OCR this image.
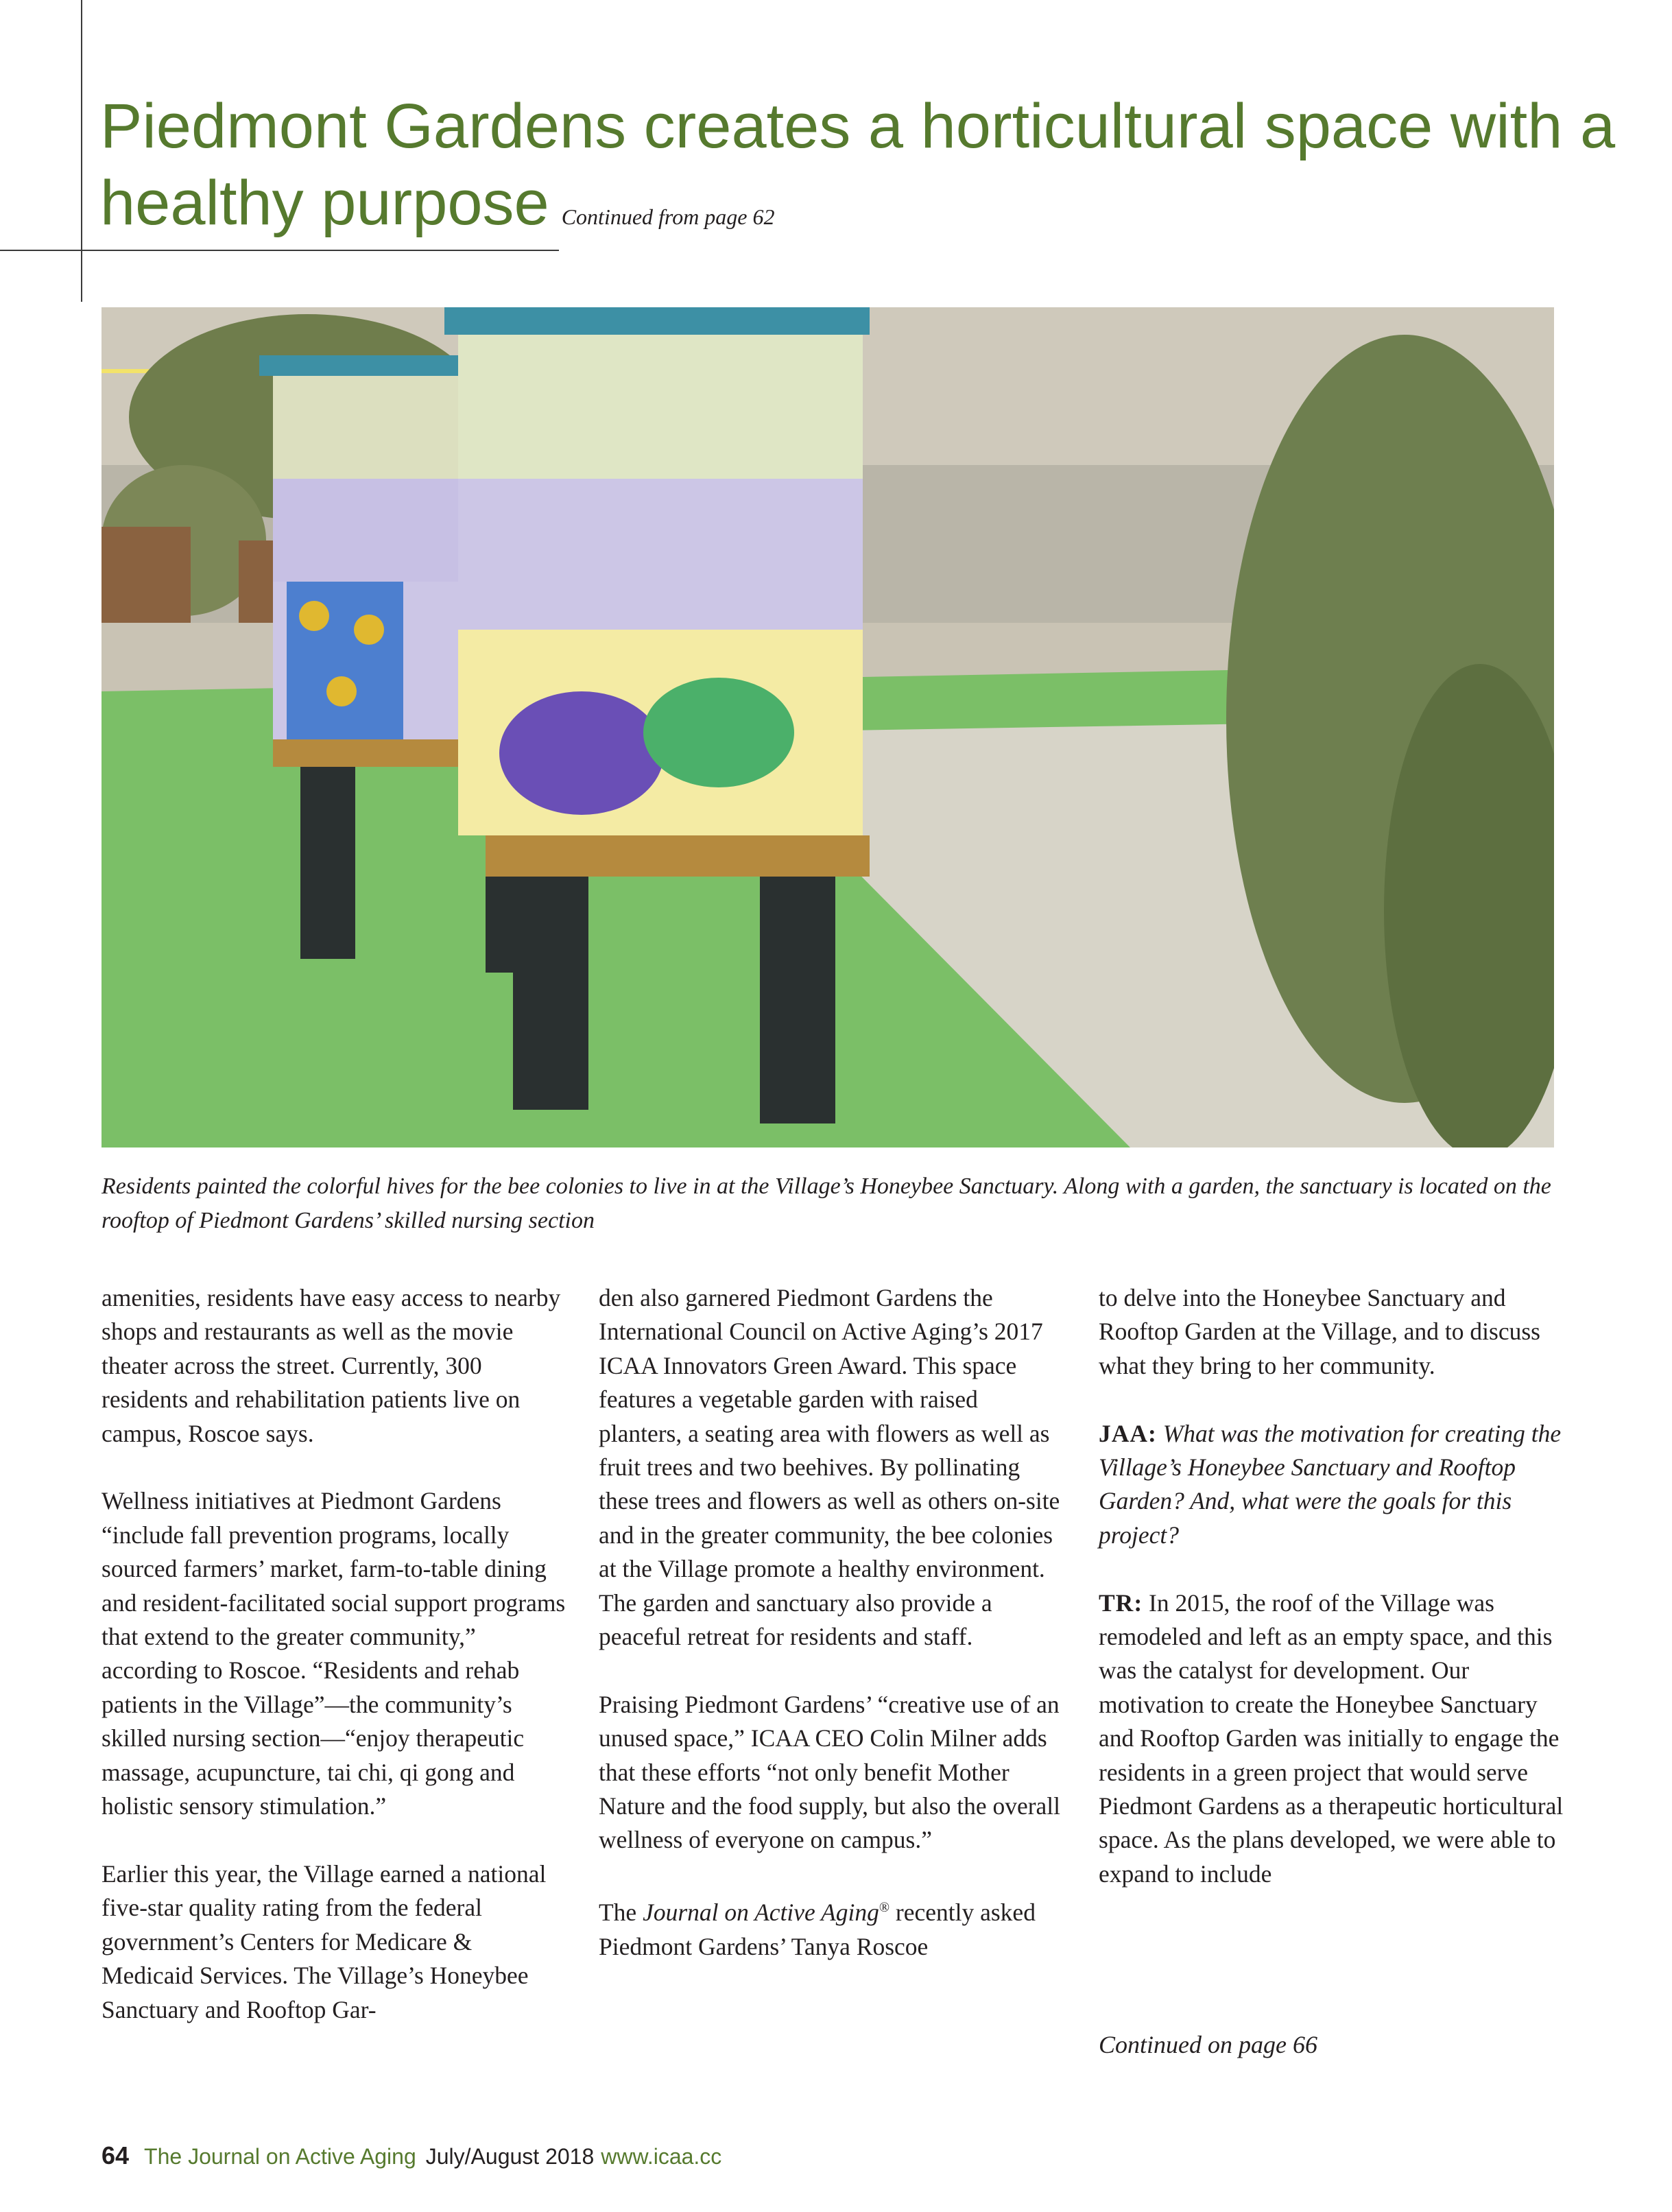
Piedmont Gardens creates a horticultural space with a healthy purpose Continued from page 62

Residents painted the colorful hives for the bee colonies to live in at the Village’s Honeybee Sanctuary. Along with a garden, the sanctuary is located on the rooftop of Piedmont Gardens’ skilled nursing section

amenities, residents have easy access to nearby shops and restaurants as well as the movie theater across the street. Currently, 300 residents and rehabilitation patients live on campus, Roscoe says.

Wellness initiatives at Piedmont Gardens “include fall prevention programs, locally sourced farmers’ market, farm-to-table dining and resident-facilitated social support programs that extend to the greater community,” according to Roscoe. “Residents and rehab patients in the Village”—the community’s skilled nursing section—“enjoy therapeutic massage, acupuncture, tai chi, qi gong and holistic sensory stimulation.”

Earlier this year, the Village earned a national five-star quality rating from the federal government’s Centers for Medicare & Medicaid Services. The Village’s Honeybee Sanctuary and Rooftop Gar-

den also garnered Piedmont Gardens the International Council on Active Aging’s 2017 ICAA Innovators Green Award. This space features a vegetable garden with raised planters, a seating area with flowers as well as fruit trees and two beehives. By pollinating these trees and flowers as well as others on-site and in the greater community, the bee colonies at the Village promote a healthy environment. The garden and sanctuary also provide a peaceful retreat for residents and staff.

Praising Piedmont Gardens’ “creative use of an unused space,” ICAA CEO Colin Milner adds that these efforts “not only benefit Mother Nature and the food supply, but also the overall wellness of everyone on campus.”

The Journal on Active Aging® recently asked Piedmont Gardens’ Tanya Roscoe

to delve into the Honeybee Sanctuary and Rooftop Garden at the Village, and to discuss what they bring to her community.

JAA: What was the motivation for creating the Village’s Honeybee Sanctuary and Rooftop Garden? And, what were the goals for this project?

TR: In 2015, the roof of the Village was remodeled and left as an empty space, and this was the catalyst for development. Our motivation to create the Honeybee Sanctuary and Rooftop Garden was initially to engage the residents in a green project that would serve Piedmont Gardens as a therapeutic horticultural space. As the plans developed, we were able to expand to include

Continued on page 66
64 The Journal on Active Aging July/August 2018 www.icaa.cc
